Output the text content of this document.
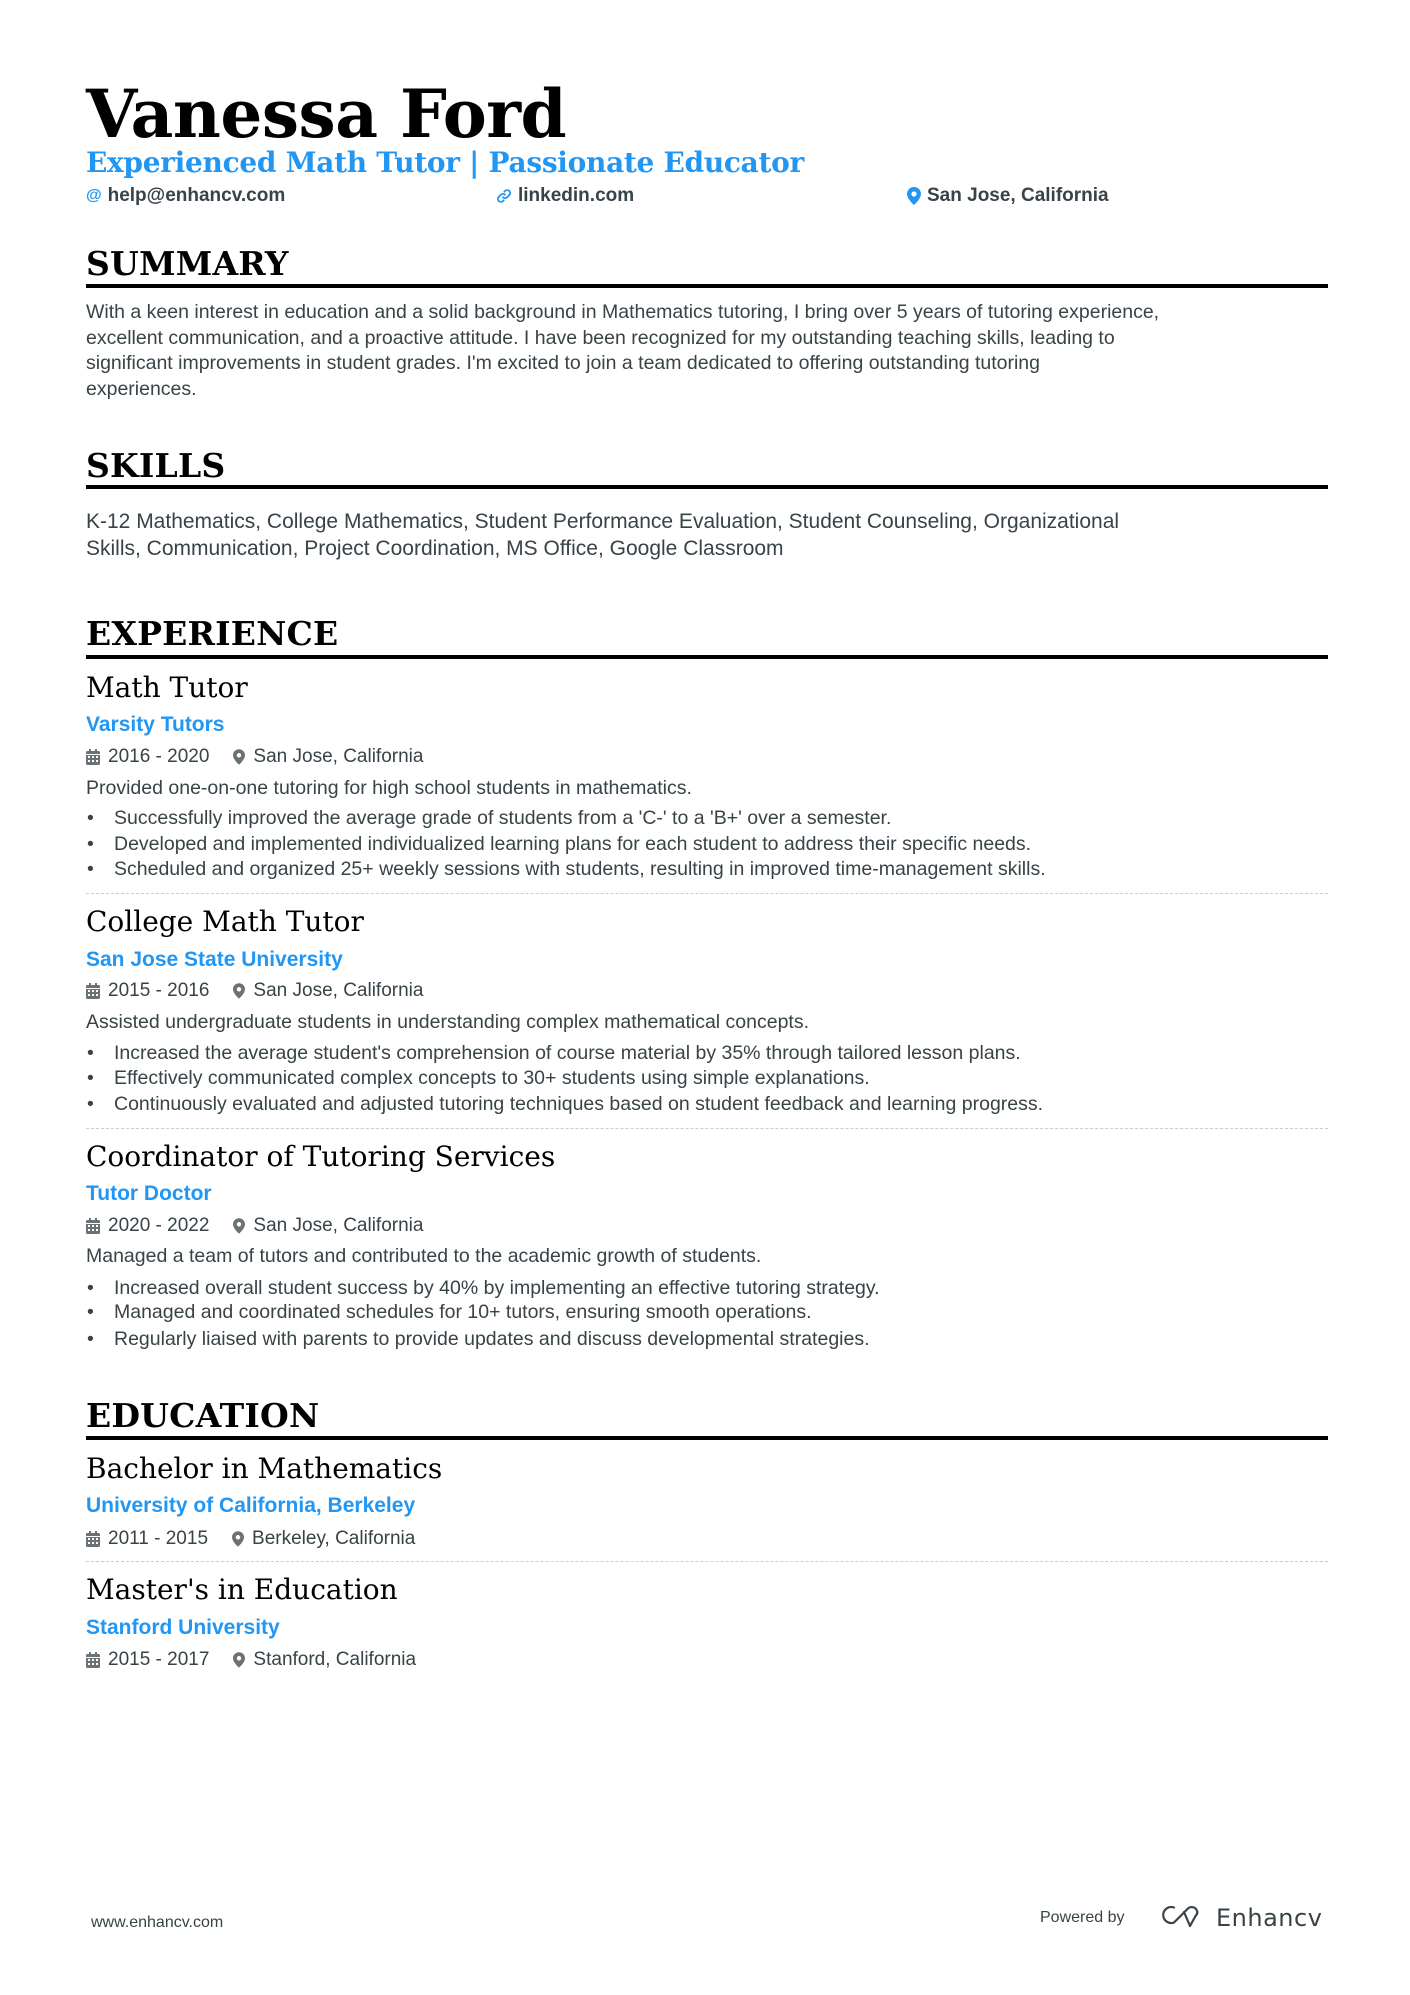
Vanessa Ford
Experienced Math Tutor | Passionate Educator
@ help@enhancv.com	linkedin.com	San Jose, California
SUMMARY
With a keen interest in education and a solid background in Mathematics tutoring, I bring over 5 years of tutoring experience,
excellent communication, and a proactive attitude. I have been recognized for my outstanding teaching skills, leading to
significant improvements in student grades. I'm excited to join a team dedicated to offering outstanding tutoring
experiences.
SKILLS
K-12 Mathematics, College Mathematics, Student Performance Evaluation, Student Counseling, Organizational
Skills, Communication, Project Coordination, MS Office, Google Classroom
EXPERIENCE
Math Tutor
Varsity Tutors
2016 - 2020 San Jose, California
Provided one-on-one tutoring for high school students in mathematics.
•	Successfully improved the average grade of students from a 'C-' to a 'B+' over a semester.
•	Developed and implemented individualized learning plans for each student to address their specific needs.
•	Scheduled and organized 25+ weekly sessions with students, resulting in improved time-management skills.
College Math Tutor
San Jose State University
2015 - 2016 San Jose, California
Assisted undergraduate students in understanding complex mathematical concepts.
•	Increased the average student's comprehension of course material by 35% through tailored lesson plans.
•	Effectively communicated complex concepts to 30+ students using simple explanations.
•	Continuously evaluated and adjusted tutoring techniques based on student feedback and learning progress.
Coordinator of Tutoring Services
Tutor Doctor
2020 - 2022 San Jose, California
Managed a team of tutors and contributed to the academic growth of students.
•	Increased overall student success by 40% by implementing an effective tutoring strategy.
•	Managed and coordinated schedules for 10+ tutors, ensuring smooth operations.
•	Regularly liaised with parents to provide updates and discuss developmental strategies.
EDUCATION
Bachelor in Mathematics
University of California, Berkeley
2011 - 2015 Berkeley, California
Master's in Education
Stanford University
2015 - 2017 Stanford, California
www.enhancv.com	Powered by	Enhancv
